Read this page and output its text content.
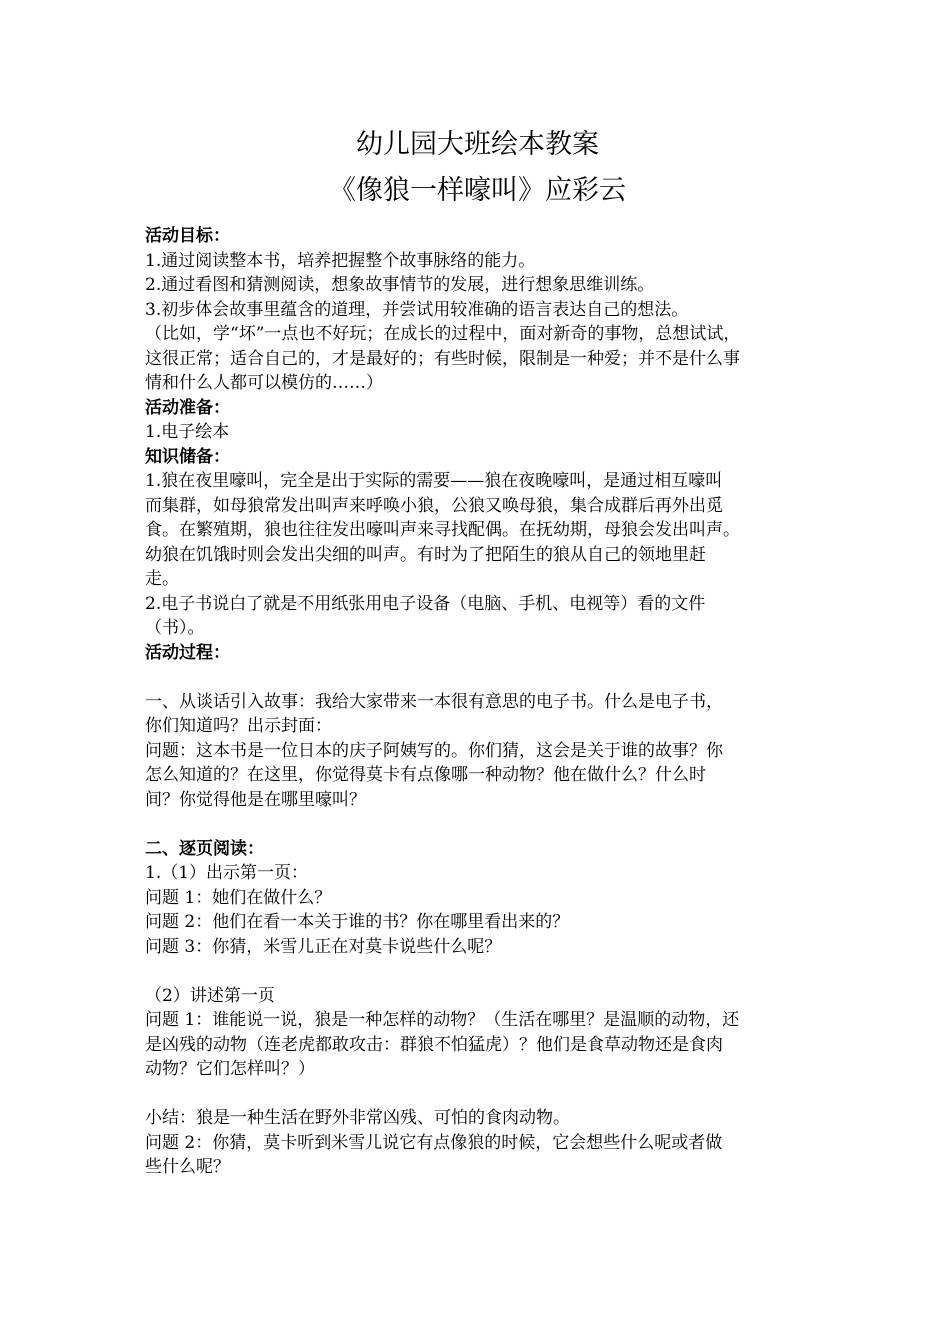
幼儿园大班绘本教案
《像狼一样嚎叫》应彩云
活动目标：
1.通过阅读整本书，培养把握整个故事脉络的能力。
2.通过看图和猜测阅读，想象故事情节的发展，进行想象思维训练。
3.初步体会故事里蕴含的道理，并尝试用较准确的语言表达自己的想法。
（比如，学“坏”一点也不好玩；在成长的过程中，面对新奇的事物，总想试试，
这很正常；适合自己的，才是最好的；有些时候，限制是一种爱；并不是什么事
情和什么人都可以模仿的……）
活动准备：
1.电子绘本
知识储备：
1.狼在夜里嚎叫，完全是出于实际的需要——狼在夜晚嚎叫，是通过相互嚎叫
而集群，如母狼常发出叫声来呼唤小狼，公狼又唤母狼，集合成群后再外出觅
食。在繁殖期，狼也往往发出嚎叫声来寻找配偶。在抚幼期，母狼会发出叫声。
幼狼在饥饿时则会发出尖细的叫声。有时为了把陌生的狼从自己的领地里赶
走。
2.电子书说白了就是不用纸张用电子设备（电脑、手机、电视等）看的文件
（书）。
活动过程：
一、从谈话引入故事：我给大家带来一本很有意思的电子书。什么是电子书，
你们知道吗？出示封面：
问题：这本书是一位日本的庆子阿姨写的。你们猜，这会是关于谁的故事？你
怎么知道的？在这里，你觉得莫卡有点像哪一种动物？他在做什么？什么时
间？你觉得他是在哪里嚎叫？
二、逐页阅读：
1.（1）出示第一页：
问题 1：她们在做什么？
问题 2：他们在看一本关于谁的书？你在哪里看出来的？
问题 3：你猜，米雪儿正在对莫卡说些什么呢？
（2）讲述第一页
问题 1：谁能说一说，狼是一种怎样的动物？（生活在哪里？是温顺的动物，还
是凶残的动物（连老虎都敢攻击：群狼不怕猛虎）？他们是食草动物还是食肉
动物？它们怎样叫？）
小结：狼是一种生活在野外非常凶残、可怕的食肉动物。
问题 2：你猜，莫卡听到米雪儿说它有点像狼的时候，它会想些什么呢或者做
些什么呢？
